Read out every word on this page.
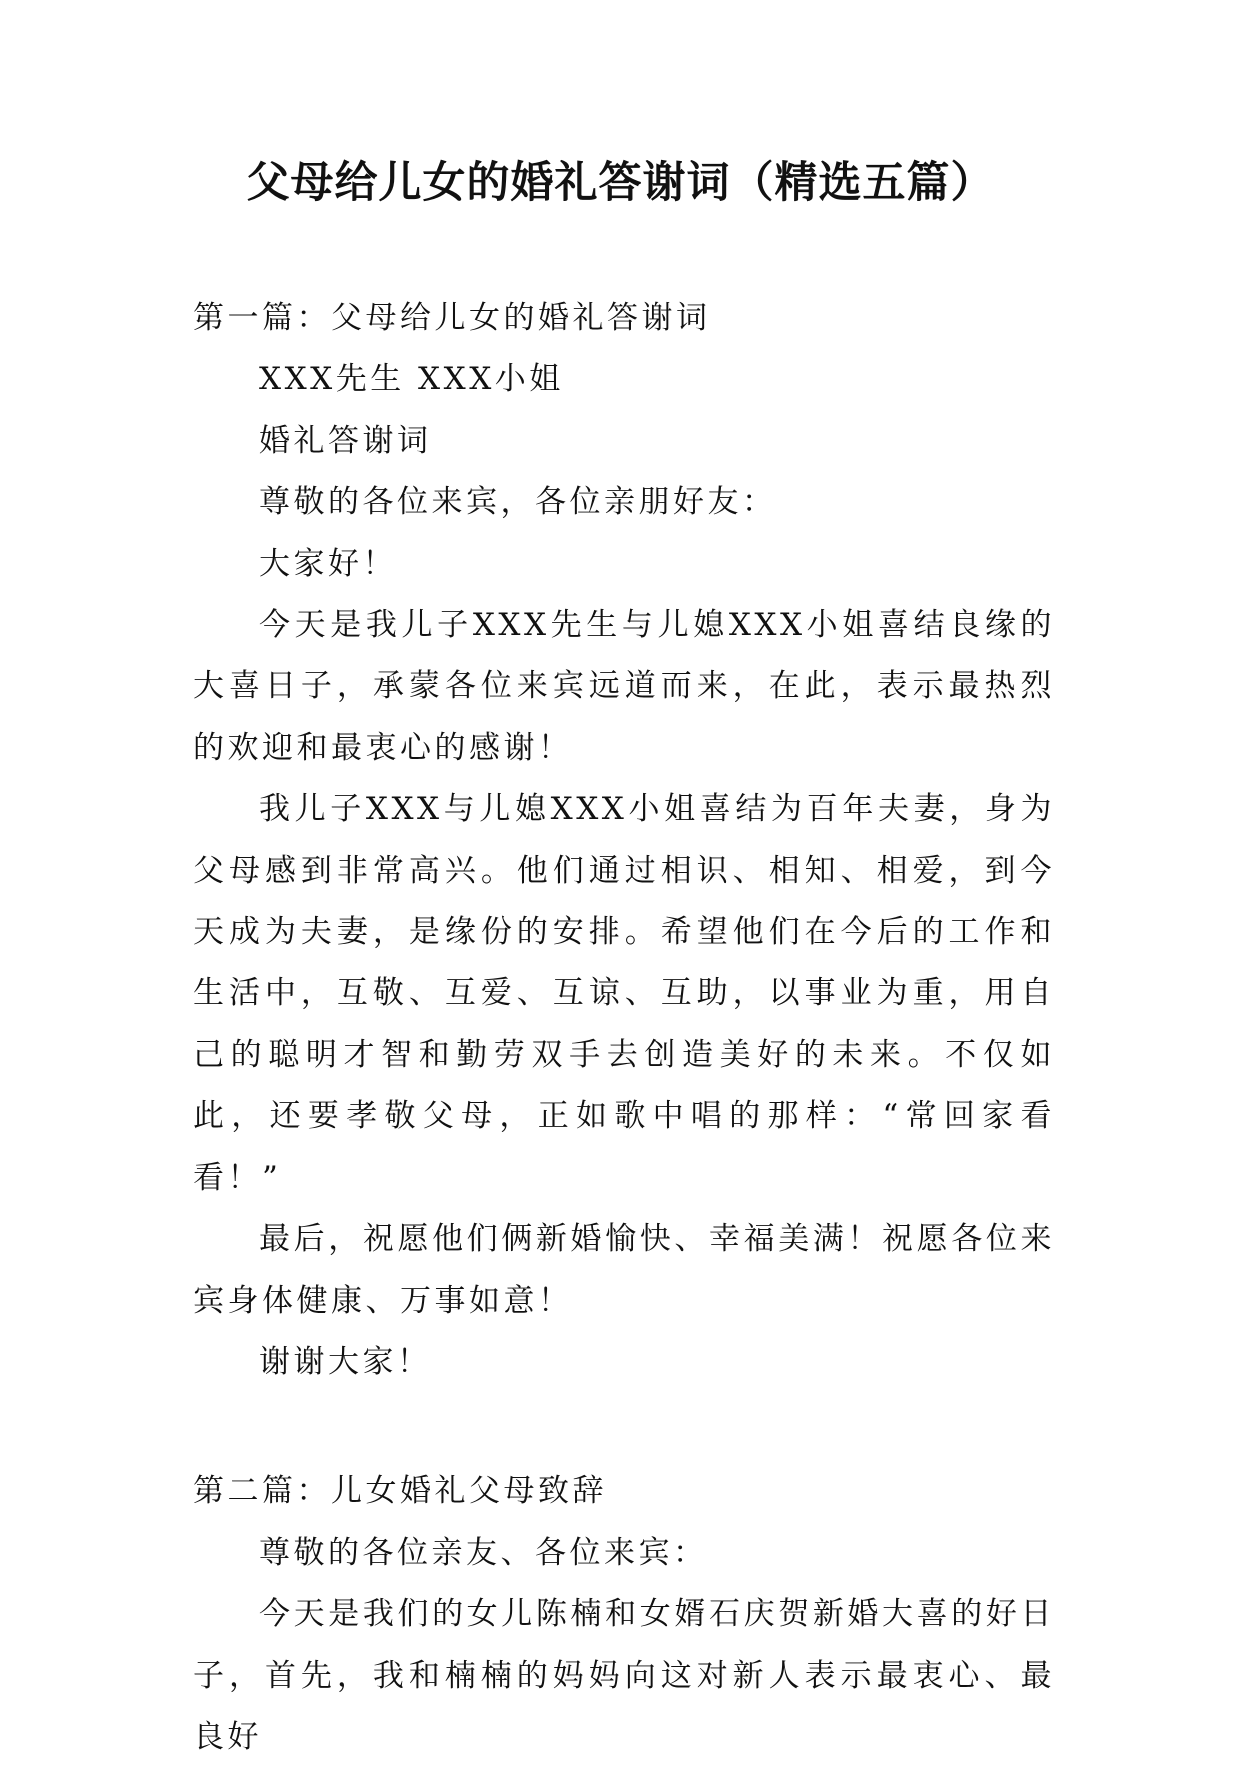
父母给儿女的婚礼答谢词（精选五篇）

第一篇：父母给儿女的婚礼答谢词

XXX先生 XXX小姐

婚礼答谢词

尊敬的各位来宾，各位亲朋好友：

大家好！

今天是我儿子XXX先生与儿媳XXX小姐喜结良缘的大喜日子，承蒙各位来宾远道而来，在此，表示最热烈的欢迎和最衷心的感谢！

我儿子XXX与儿媳XXX小姐喜结为百年夫妻，身为父母感到非常高兴。他们通过相识、相知、相爱，到今天成为夫妻，是缘份的安排。希望他们在今后的工作和生活中，互敬、互爱、互谅、互助，以事业为重，用自己的聪明才智和勤劳双手去创造美好的未来。不仅如此，还要孝敬父母，正如歌中唱的那样：“常回家看看！”

最后，祝愿他们俩新婚愉快、幸福美满！祝愿各位来宾身体健康、万事如意！

谢谢大家！

第二篇：儿女婚礼父母致辞

尊敬的各位亲友、各位来宾：

今天是我们的女儿陈楠和女婿石庆贺新婚大喜的好日子，首先，我和楠楠的妈妈向这对新人表示最衷心、最良好
